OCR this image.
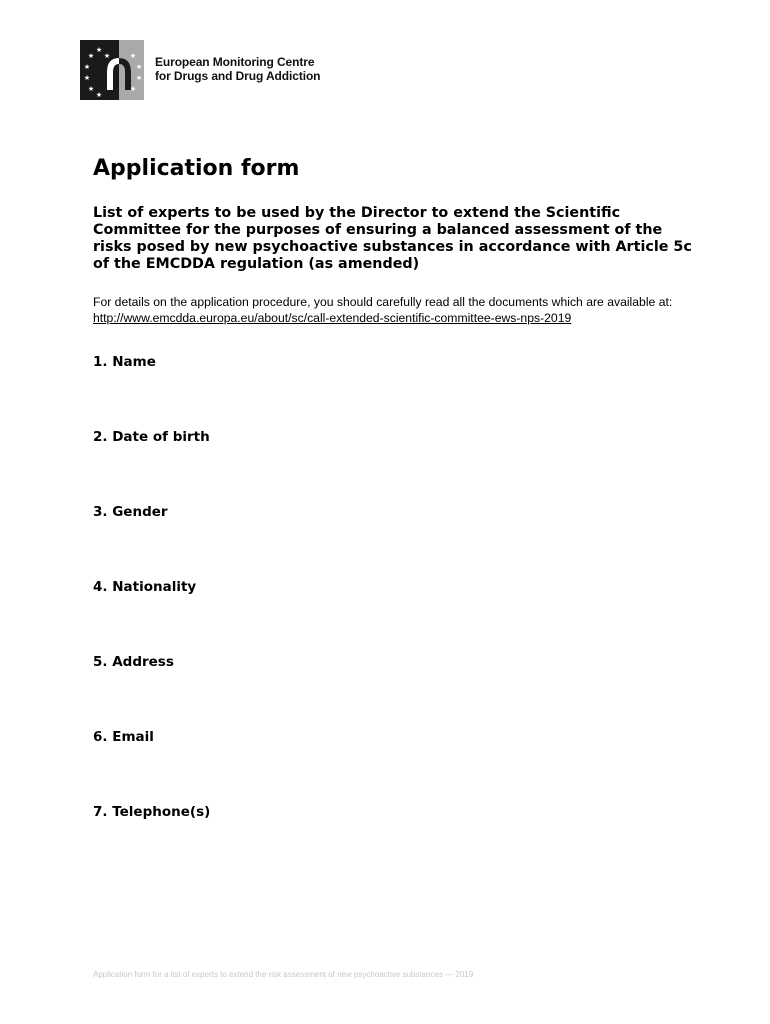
★
★ ★
★
★
★
★
★
★
★
★
European Monitoring Centre
for Drugs and Drug Addiction
Application form

List of experts to be used by the Director to extend the Scientific Committee for the purposes of ensuring a balanced assessment of the risks posed by new psychoactive substances in accordance with Article 5c of the EMCDDA regulation (as amended)

For details on the application procedure, you should carefully read all the documents which are available at: http://www.emcdda.europa.eu/about/sc/call-extended-scientific-committee-ews-nps-2019

1. Name

2. Date of birth

3. Gender

4. Nationality

5. Address

6. Email

7. Telephone(s)

Application form for a list of experts to extend the risk assessment of new psychoactive substances — 2019
